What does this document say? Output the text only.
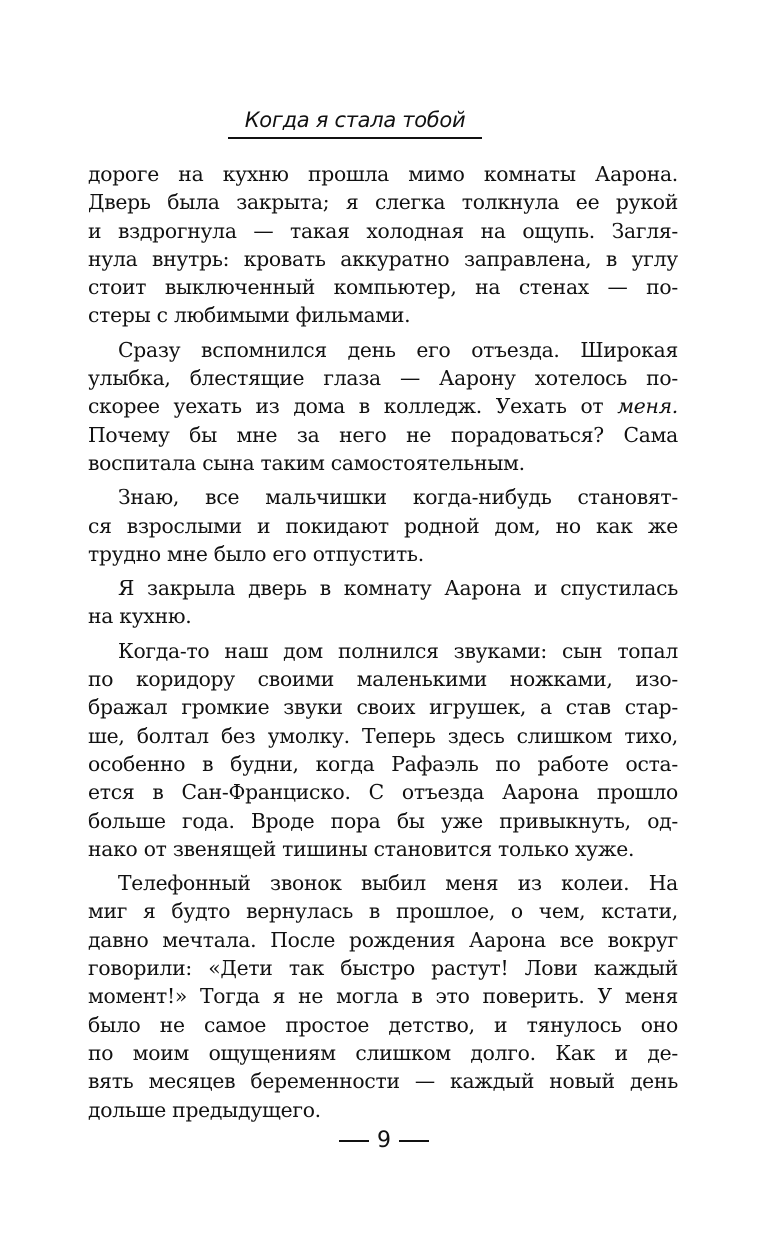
Когда я стала тобой
дороге на кухню прошла мимо комнаты Аарона.
Дверь была закрыта; я слегка толкнула ее рукой
и вздрогнула — такая холодная на ощупь. Загля-
нула внутрь: кровать аккуратно заправлена, в углу
стоит выключенный компьютер, на стенах — по-
стеры с любимыми фильмами.
Сразу вспомнился день его отъезда. Широкая
улыбка, блестящие глаза — Аарону хотелось по-
скорее уехать из дома в колледж. Уехать от меня.
Почему бы мне за него не порадоваться? Сама
воспитала сына таким самостоятельным.
Знаю, все мальчишки когда-нибудь становят-
ся взрослыми и покидают родной дом, но как же
трудно мне было его отпустить.
Я закрыла дверь в комнату Аарона и спустилась
на кухню.
Когда-то наш дом полнился звуками: сын топал
по коридору своими маленькими ножками, изо-
бражал громкие звуки своих игрушек, а став стар-
ше, болтал без умолку. Теперь здесь слишком тихо,
особенно в будни, когда Рафаэль по работе оста-
ется в Сан-Франциско. С отъезда Аарона прошло
больше года. Вроде пора бы уже привыкнуть, од-
нако от звенящей тишины становится только хуже.
Телефонный звонок выбил меня из колеи. На
миг я будто вернулась в прошлое, о чем, кстати,
давно мечтала. После рождения Аарона все вокруг
говорили: «Дети так быстро растут! Лови каждый
момент!» Тогда я не могла в это поверить. У меня
было не самое простое детство, и тянулось оно
по моим ощущениям слишком долго. Как и де-
вять месяцев беременности — каждый новый день
дольше предыдущего.
9
